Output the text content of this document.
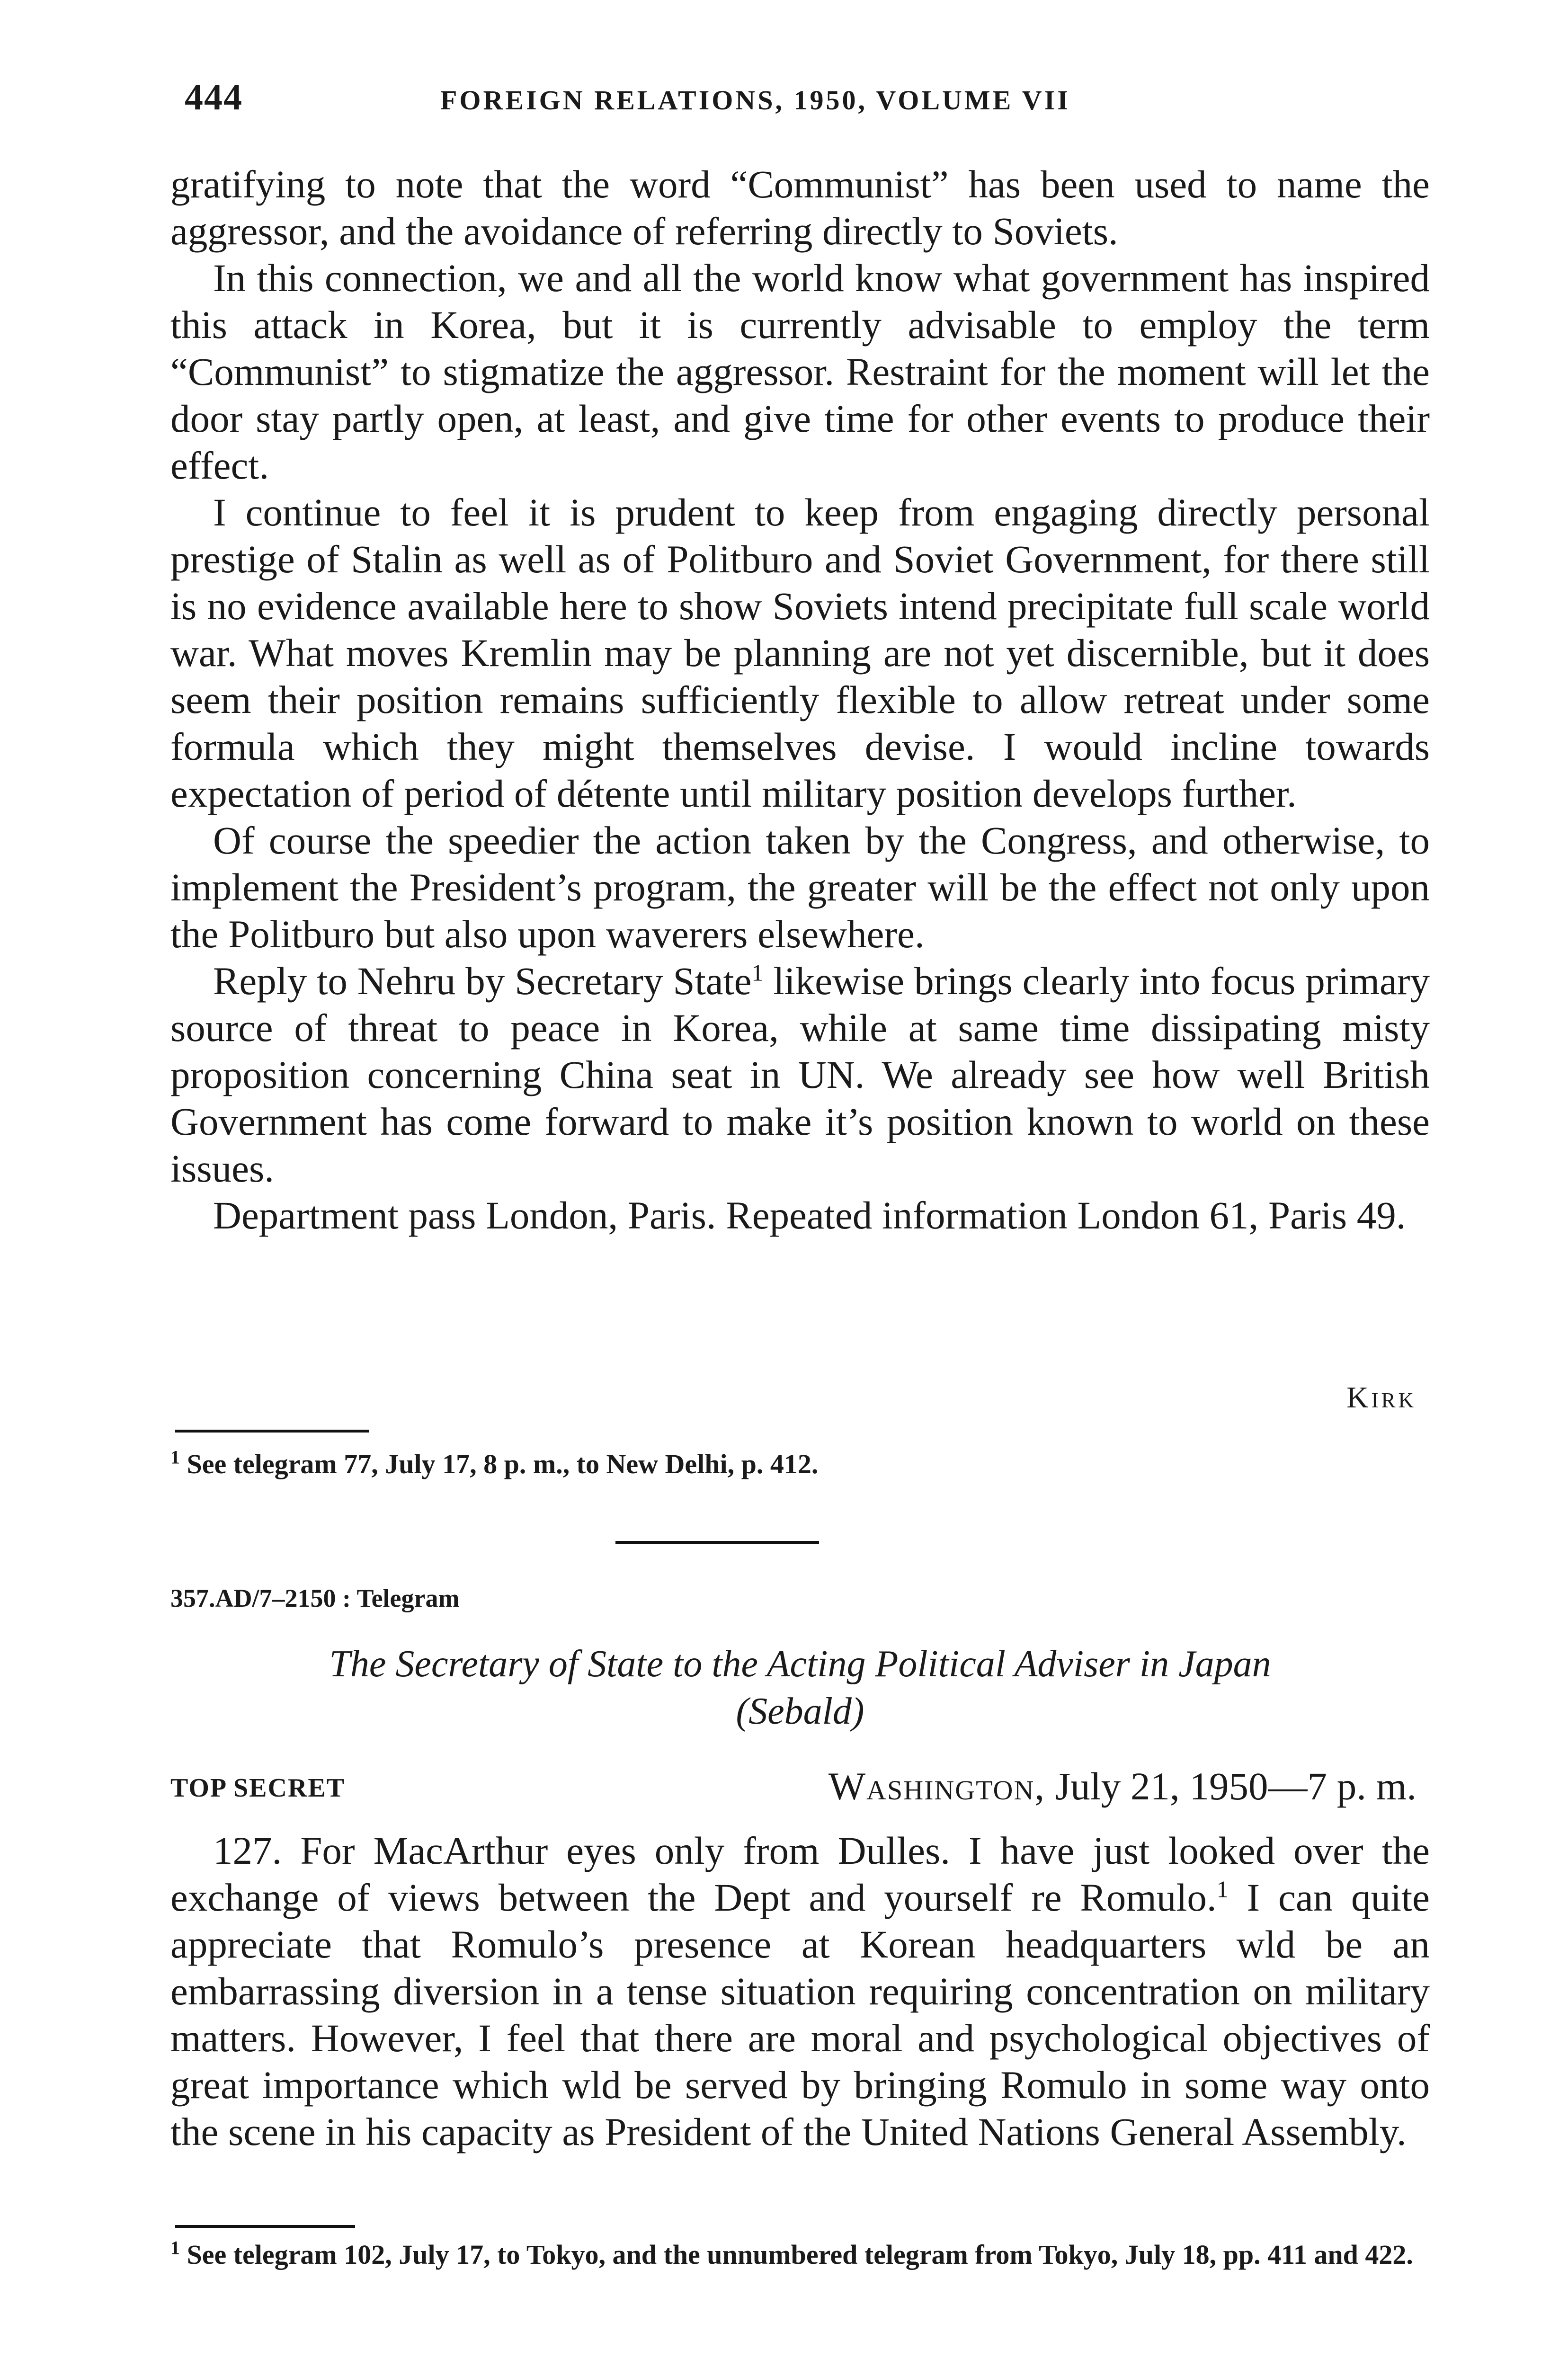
444	FOREIGN RELATIONS, 1950, VOLUME VII

gratifying to note that the word “Communist” has been used to name the aggressor, and the avoidance of referring directly to Soviets.

In this connection, we and all the world know what government has inspired this attack in Korea, but it is currently advisable to employ the term “Communist” to stigmatize the aggressor. Restraint for the moment will let the door stay partly open, at least, and give time for other events to produce their effect.

I continue to feel it is prudent to keep from engaging directly personal prestige of Stalin as well as of Politburo and Soviet Government, for there still is no evidence available here to show Soviets intend precipitate full scale world war. What moves Kremlin may be planning are not yet discernible, but it does seem their position remains sufficiently flexible to allow retreat under some formula which they might themselves devise. I would incline towards expectation of period of détente until military position develops further.

Of course the speedier the action taken by the Congress, and otherwise, to implement the President’s program, the greater will be the effect not only upon the Politburo but also upon waverers elsewhere.

Reply to Nehru by Secretary State$^1$ likewise brings clearly into focus primary source of threat to peace in Korea, while at same time dissipating misty proposition concerning China seat in UN. We already see how well British Government has come forward to make it’s position known to world on these issues.

Department pass London, Paris. Repeated information London 61, Paris 49.

Kirk
$^1$ See telegram 77, July 17, 8 p. m., to New Delhi, p. 412.
357.AD/7–2150 : Telegram
The Secretary of State to the Acting Political Adviser in Japan
(Sebald)
TOP SECRET	Washington, July 21, 1950—7 p. m.

127. For MacArthur eyes only from Dulles. I have just looked over the exchange of views between the Dept and yourself re Romulo.$^1$ I can quite appreciate that Romulo’s presence at Korean headquarters wld be an embarrassing diversion in a tense situation requiring concentration on military matters. However, I feel that there are moral and psychological objectives of great importance which wld be served by bringing Romulo in some way onto the scene in his capacity as President of the United Nations General Assembly.

$^1$ See telegram 102, July 17, to Tokyo, and the unnumbered telegram from Tokyo, July 18, pp. 411 and 422.
